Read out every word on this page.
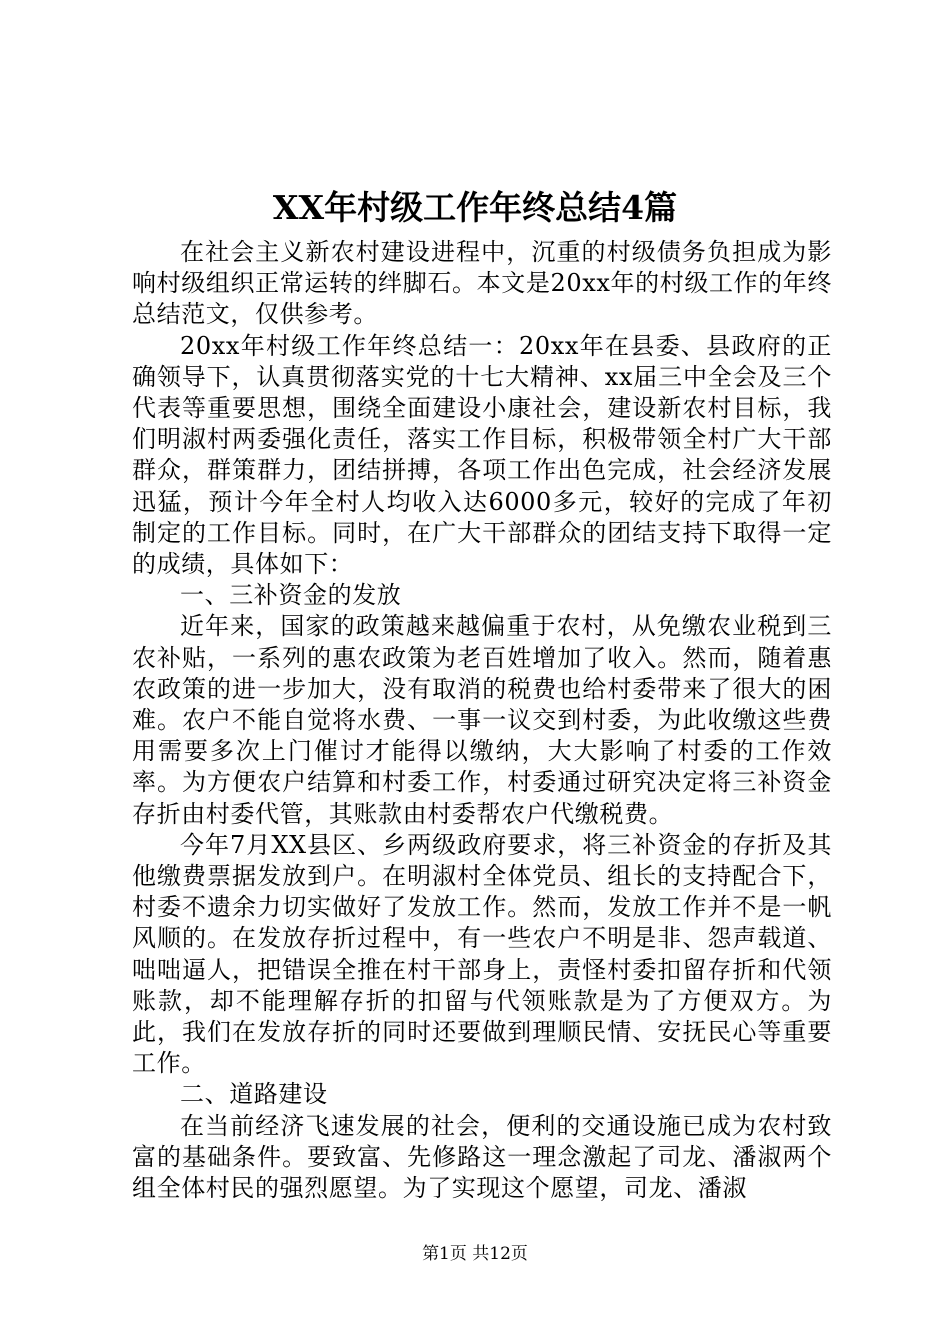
XX年村级工作年终总结4篇

在社会主义新农村建设进程中，沉重的村级债务负担成为影响村级组织正常运转的绊脚石。本文是20xx年的村级工作的年终总结范文，仅供参考。

20xx年村级工作年终总结一：20xx年在县委、县政府的正确领导下，认真贯彻落实党的十七大精神、xx届三中全会及三个代表等重要思想，围绕全面建设小康社会，建设新农村目标，我们明淑村两委强化责任，落实工作目标，积极带领全村广大干部群众，群策群力，团结拼搏，各项工作出色完成，社会经济发展迅猛，预计今年全村人均收入达6000多元，较好的完成了年初制定的工作目标。同时，在广大干部群众的团结支持下取得一定的成绩，具体如下：

一、三补资金的发放

近年来，国家的政策越来越偏重于农村，从免缴农业税到三农补贴，一系列的惠农政策为老百姓增加了收入。然而，随着惠农政策的进一步加大，没有取消的税费也给村委带来了很大的困难。农户不能自觉将水费、一事一议交到村委，为此收缴这些费用需要多次上门催讨才能得以缴纳，大大影响了村委的工作效率。为方便农户结算和村委工作，村委通过研究决定将三补资金存折由村委代管，其账款由村委帮农户代缴税费。

今年7月XX县区、乡两级政府要求，将三补资金的存折及其他缴费票据发放到户。在明淑村全体党员、组长的支持配合下，村委不遗余力切实做好了发放工作。然而，发放工作并不是一帆风顺的。在发放存折过程中，有一些农户不明是非、怨声载道、咄咄逼人，把错误全推在村干部身上，责怪村委扣留存折和代领账款，却不能理解存折的扣留与代领账款是为了方便双方。为此，我们在发放存折的同时还要做到理顺民情、安抚民心等重要工作。

二、道路建设

在当前经济飞速发展的社会，便利的交通设施已成为农村致富的基础条件。要致富、先修路这一理念激起了司龙、潘淑两个组全体村民的强烈愿望。为了实现这个愿望，司龙、潘淑

第1页 共12页
